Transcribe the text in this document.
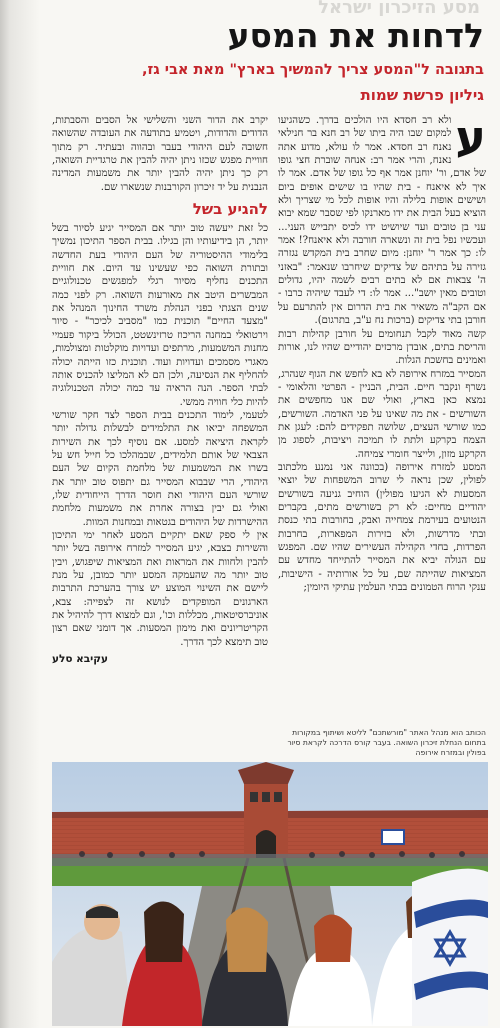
מסע הזיכרון ישראל
לדחות את המסע
בתגובה ל"המסע צריך להמשיך בארץ" מאת אבי גז,
גיליון פרשת שמות
ע

ולא רב חסדא היו הולכים בדרך. כשהגיעו למקום שבו היה ביתו של רב חנא בר חנילאי נאנח רב חסדא. אמר לו עולא, מדוע אתה נאנח, והרי אמר רב: אנחה שוברת חצי גופו של אדם, ור' יוחנן אמר אף כל גופו של אדם. אמר לו איך לא איאנח - בית שהיו בו שישים אופים ביום ושישים אופות בלילה והיו אופות לכל מי שצריך ולא הוציא בעל הבית את ידו מארנקו לפי שסבר שמא יבוא עני בן טובים ועד שיושיט ידו לכיס יתבייש העני... ועכשיו נפל בית זה ונשארה חורבה ולא איאנח?! אמר לו: כך אמר ר' יוחנן: מיום שחרב בית המקדש נגזרה גזירה על בתיהם של צדיקים שיחרבו שנאמר: "באזני ה' צבאות אם לא בתים רבים לשמה יהיו, גדולים וטובים מאין יושב"... אמר לו: די לעבד שיהיה כרבו - אם הקב"ה משאיר את בית הדרום אין להתרעם על חורבן בתי צדיקים (ברכות נח ע"ב, בתרגום).

קשה מאוד לקבל תנחומים על חורבן קהילות רבות והריסת בתים, אובדן מרכזים יהודיים שהיו לנו, אורות ואמינים בחשכת הגלות.

המסייר במזרח אירופה לא בא לחפש את הגוף שנהרג, נשרף ונקבר חיים. הבית, הבניין - הפרטי והלאומי - נמצא כאן בארץ, ואולי שם אנו מחפשים את השורשים - את מה שאינו על פני האדמה. השורשים, כמו שורשי העצים, שלושה תפקידים להם: לעגן את הצמח בקרקע ולתת לו תמיכה ויציבות, לספוג מן הקרקע מזון, ולייצר חומרי צמיחה.

המסע למזרח אירופה (בכוונה אני נמנע מלכתוב לפולין, שכן נראה לי שרוב המשפחות של יוצאי המסעות לא הגיעו מפולין) הוחיב גניעה בשורשים יהודיים מחיים: לא רק בשורשים מתים, בקברים הנטועים בעירמת צמחייה ואבק, בחורבות בתי כנסת ובתי מדרשות, ולא בזירות המפארות, בחרבות הפרדות, בחדי הקהילה העשירים שהיו שם. המפגש עם הגולה יביא את המסייר להתייחד מחדש עם המציאות שהייתה שם, על כל אורותיה - הישיבות, ענקי הרוח הטמונים בבתי העלמין עתיקי היומין;

יקרב את הדור השני והשלישי אל הסבים והסבתות, הדודים והדודות, ויטמיע בתודעה את העובדה שהשואה חשובה לעם היהודי בעבר ובהווה ובעתיד. רק מתוך חוויית מפגש שכזו ניתן יהיה להבין את טרגדיית השואה, רק כך ניתן יהיה להבין יותר את משמעות המדינה הנבנית על יד זיכרון הקורבנות שנשארו שם.

להגיע בשל

כל זאת ייעשה טוב יותר אם המסייר יגיע לסיור בשל יותר, הן בידיעותיו והן בגילו. בבית הספר התיכון נמשיך בלימודי ההיסטוריה של העם היהודי בעת החדשה ובתורת השואה כפי שעשינו עד היום. את חוויית התכנים נחליף מסיור רגלי למפגשים טכנולוגיים המבשרים היטב את מאורעות השואה. רק לפני כמה שנים הצגתי בפני הנהלת משרד החינוך המנהל את "מצעד החיים" תוכנית כמו "מסביב לכיכר" - סיור וירטואלי במחנה הריכוז טרזינשטט, הכולל ביקור פעמיי מחנות המשמעות, מרתפים ועדויות מוקלטות ומצולמות, מאגרי מסמכים ועדויות ועוד. תוכנית כזו הייתה יכולה להחליף את הנסיעה, ולכן הם לא המליצו להכניס אותה לבתי הספר. הנה הראיה עד כמה יכולה הטכנולוגיה להיות כלי חוויה ממשי.

לטעמי, לימוד התכנים בבית הספר לצד חקר שורשי המשפחה יביאו את התלמידים לבשלות גדולה יותר לקראת היציאה למסע. אם נוסיף לכך את השירות הצבאי של אותם תלמידים, שבמהלכו כל חייל חש על בשרו את המשמעות של מלחמת הקיום של העם היהודי, הרי שבבוא המסייר גם יתפוס טוב יותר את שורשי העם היהודי ואת חוסר הדרך הייחודית שלו, ואולי גם יבין בצורה אחרת את משמעות מלחמת ההישרדות של היהודים בגטאות ובמחנות המוות.

אין לי ספק שאם יתקיים המסע לאחר ימי התיכון והשירות בצבא, יגיע המסייר למזרח אירופה בשל יותר להבין ולחוות את המראות ואת המציאות שיפגוש, ויבין טוב יותר מה שהעמקה המסע יותר כמובן, על מנת ליישם את השינוי המוצע יש צורך בהערכת התרבות הארגונים המופקדים לנושא זה לצפייה: צבא, אוניברסיטאות, מכללות וכו', וגם למצוא דרך להיהיל את הקריטריונים ואת מימון המסעות. אך דומני שאם רצון טוב תימצא לכך הדרך.

עקיבא סלע
הכותב הוא מנהל האתר "מורשתכם" לליטא ושיתוף במקורות בתחום הנחלת זיכרון השואה. בעבר קורס הדרכה לקראת סיור בפולין ובמזרח אירופה
